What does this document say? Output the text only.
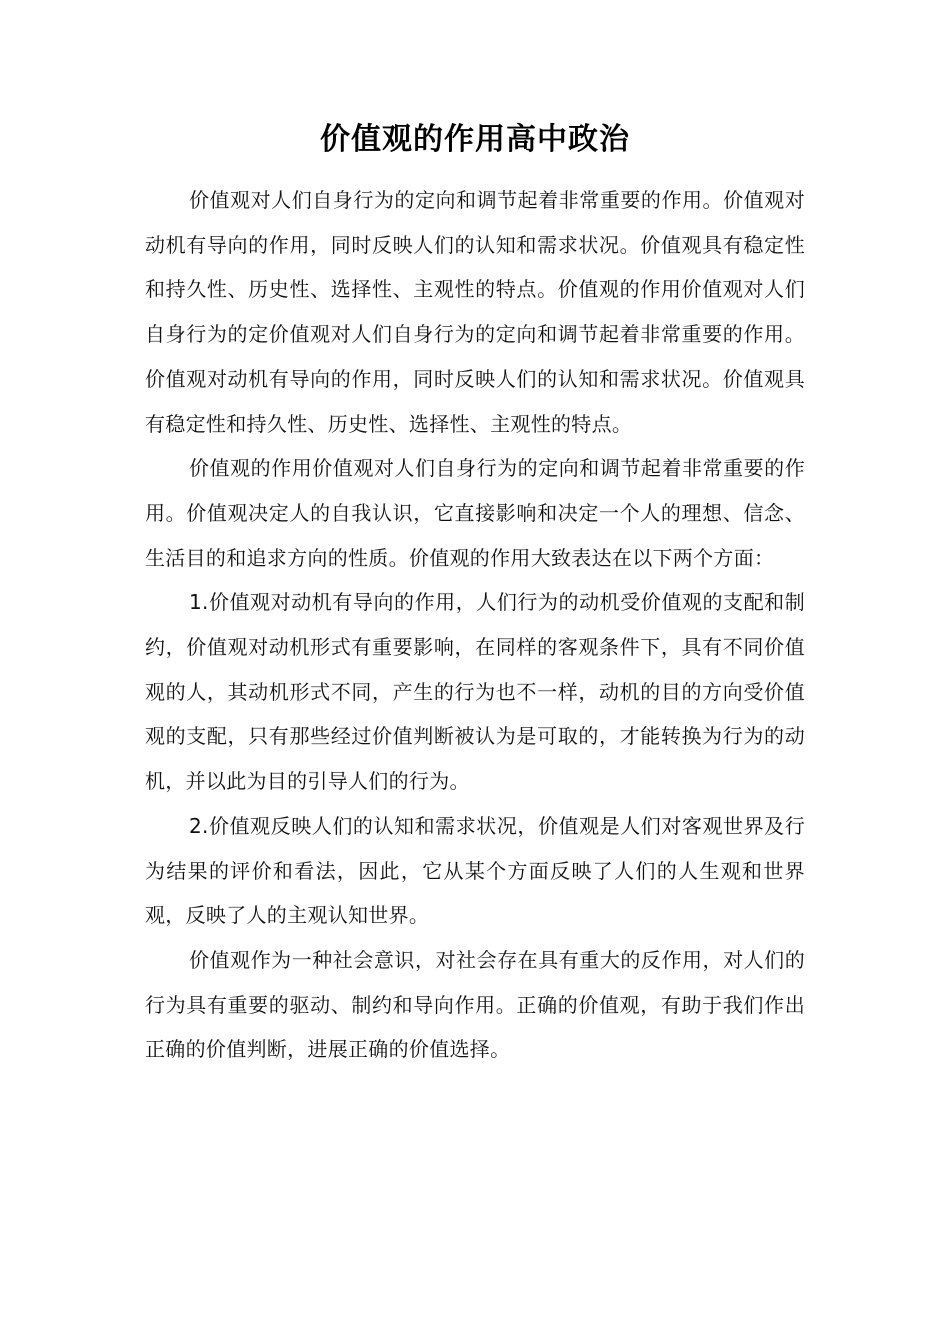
价值观的作用高中政治

价值观对人们自身行为的定向和调节起着非常重要的作用。价值观对动机有导向的作用，同时反映人们的认知和需求状况。价值观具有稳定性和持久性、历史性、选择性、主观性的特点。价值观的作用价值观对人们自身行为的定价值观对人们自身行为的定向和调节起着非常重要的作用。价值观对动机有导向的作用，同时反映人们的认知和需求状况。价值观具有稳定性和持久性、历史性、选择性、主观性的特点。

价值观的作用价值观对人们自身行为的定向和调节起着非常重要的作用。价值观决定人的自我认识，它直接影响和决定一个人的理想、信念、生活目的和追求方向的性质。价值观的作用大致表达在以下两个方面：

1.价值观对动机有导向的作用，人们行为的动机受价值观的支配和制约，价值观对动机形式有重要影响，在同样的客观条件下，具有不同价值观的人，其动机形式不同，产生的行为也不一样，动机的目的方向受价值观的支配，只有那些经过价值判断被认为是可取的，才能转换为行为的动机，并以此为目的引导人们的行为。

2.价值观反映人们的认知和需求状况，价值观是人们对客观世界及行为结果的评价和看法，因此，它从某个方面反映了人们的人生观和世界观，反映了人的主观认知世界。

价值观作为一种社会意识，对社会存在具有重大的反作用，对人们的行为具有重要的驱动、制约和导向作用。正确的价值观，有助于我们作出正确的价值判断，进展正确的价值选择。
